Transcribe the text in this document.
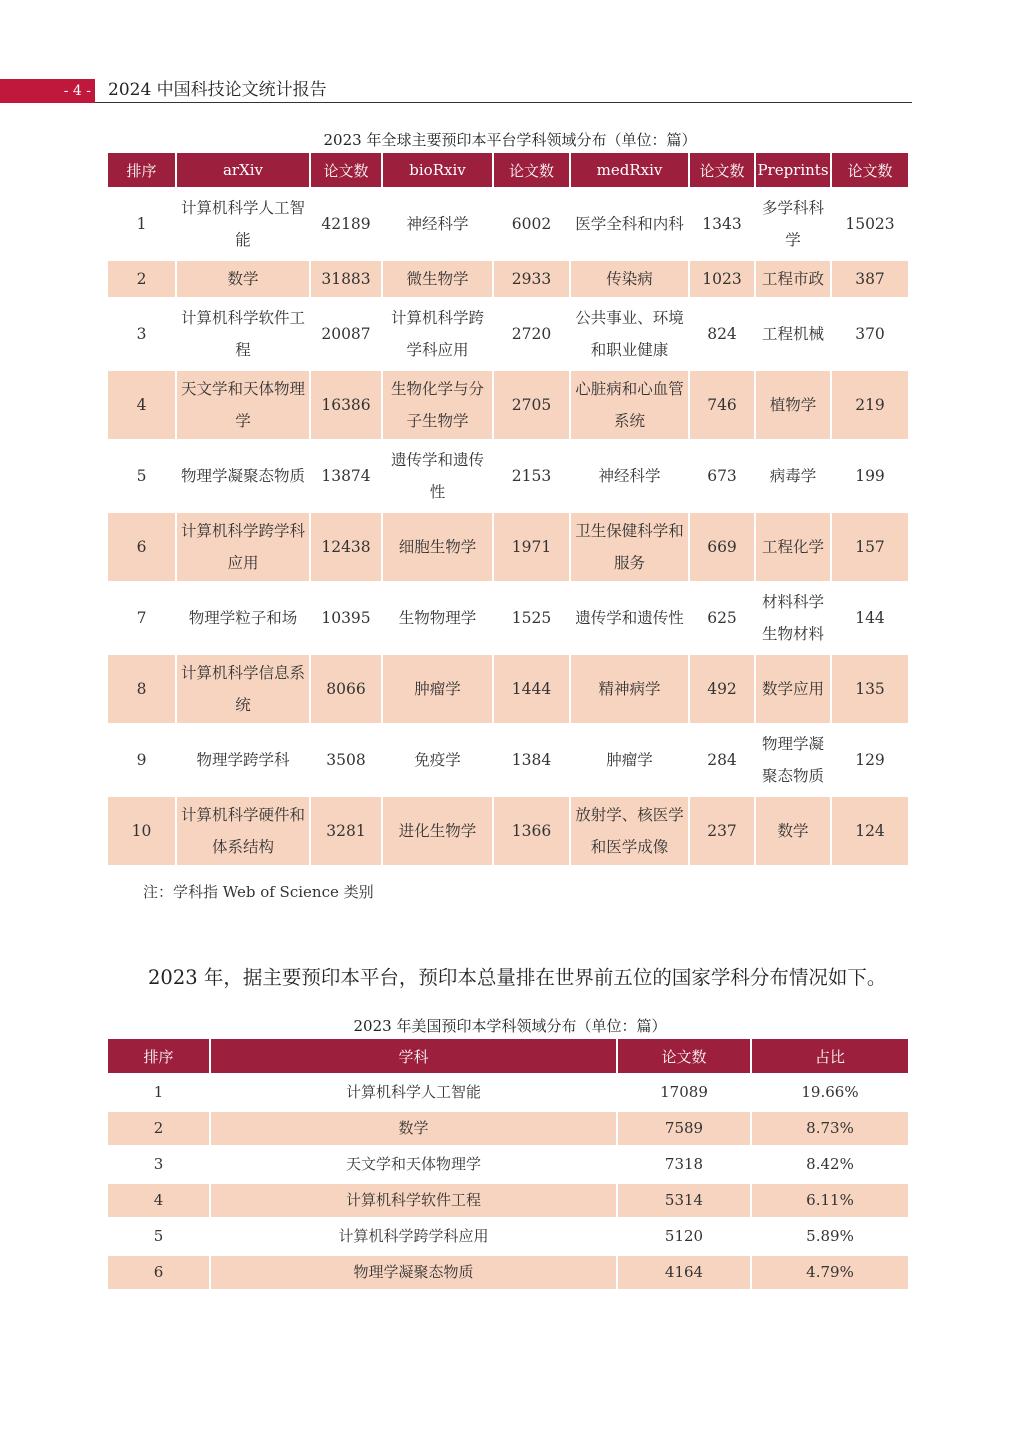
- 4 - 2024 中国科技论文统计报告
2023 年全球主要预印本平台学科领域分布（单位：篇）
排序	arXiv	论文数	bioRxiv	论文数	medRxiv	论文数	Preprints	论文数
1	计算机科学人工智能	42189	神经科学	6002	医学全科和内科	1343	多学科科学	15023
2	数学	31883	微生物学	2933	传染病	1023	工程市政	387
3	计算机科学软件工程	20087	计算机科学跨学科应用	2720	公共事业、环境和职业健康	824	工程机械	370
4	天文学和天体物理学	16386	生物化学与分子生物学	2705	心脏病和心血管系统	746	植物学	219
5	物理学凝聚态物质	13874	遗传学和遗传性	2153	神经科学	673	病毒学	199
6	计算机科学跨学科应用	12438	细胞生物学	1971	卫生保健科学和服务	669	工程化学	157
7	物理学粒子和场	10395	生物物理学	1525	遗传学和遗传性	625	材料科学生物材料	144
8	计算机科学信息系统	8066	肿瘤学	1444	精神病学	492	数学应用	135
9	物理学跨学科	3508	免疫学	1384	肿瘤学	284	物理学凝聚态物质	129
10	计算机科学硬件和体系结构	3281	进化生物学	1366	放射学、核医学和医学成像	237	数学	124
注：学科指 Web of Science 类别
2023 年，据主要预印本平台，预印本总量排在世界前五位的国家学科分布情况如下。
2023 年美国预印本学科领域分布（单位：篇）
排序	学科	论文数	占比
1	计算机科学人工智能	17089	19.66%
2	数学	7589	8.73%
3	天文学和天体物理学	7318	8.42%
4	计算机科学软件工程	5314	6.11%
5	计算机科学跨学科应用	5120	5.89%
6	物理学凝聚态物质	4164	4.79%
